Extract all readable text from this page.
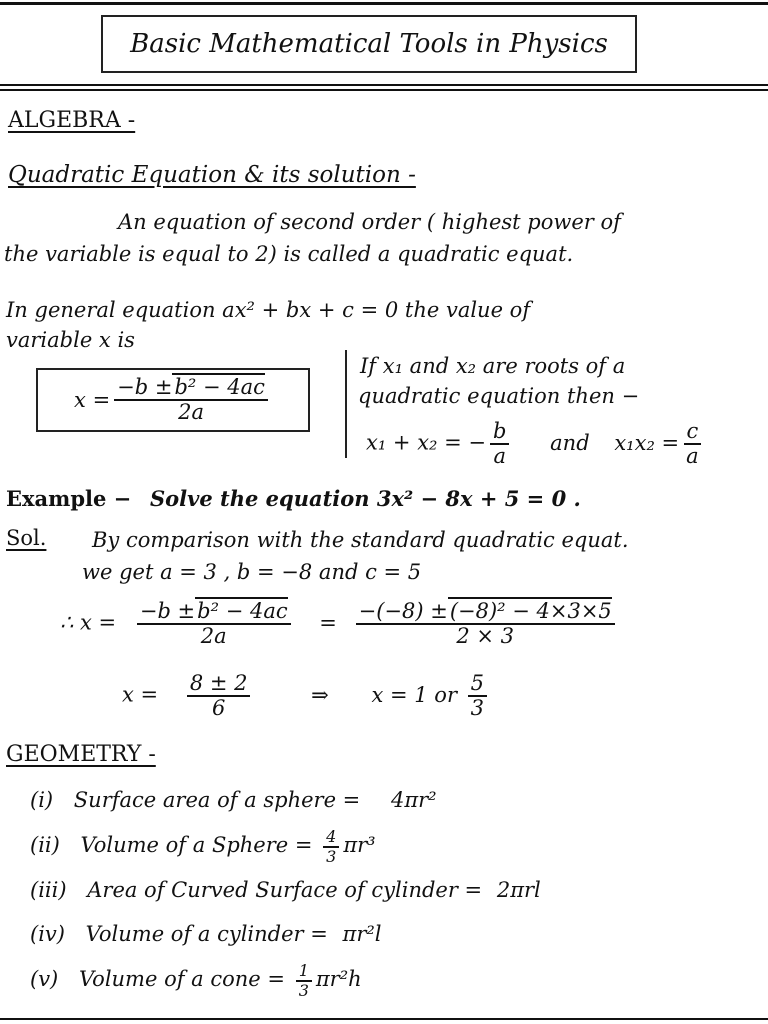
Basic Mathematical Tools in Physics
ALGEBRA -
Quadratic Equation & its solution -
An equation of second order ( highest power of
the variable is equal to 2) is called a quadratic equat.
In general equation ax² + bx + c = 0 the value of
variable x is
$x = \frac{\text{−b ±b² − 4ac}}{2a}$
If x₁ and x₂ are roots of a
quadratic equation then −
x₁ + x₂ = − $\frac{b}{a}$ and $x_1x_2 = \frac{c}{a}$
Example − Solve the equation 3x² − 8x + 5 = 0 .
Sol. By comparison with the standard quadratic equat.
we get a = 3 , b = −8 and c = 5
∴ $x = \frac{\text{−b ±b² − 4ac}}{2a} = \frac{\text{−(−8) ±(−8)² − 4×3×5}}{2 \times 3}$
$x = \frac{8 \pm 2}{6}$	⇒ x = 1 or $\frac{5}{3}$
GEOMETRY -
(i) Surface area of a sphere = 4πr²
(ii) Volume of a Sphere = $\frac{4}{3} \pi r^3$
(iii) Area of Curved Surface of cylinder = 2πrl
(iv) Volume of a cylinder = πr²l
(v) Volume of a cone = $\frac{1}{3} \pi r^2h$
